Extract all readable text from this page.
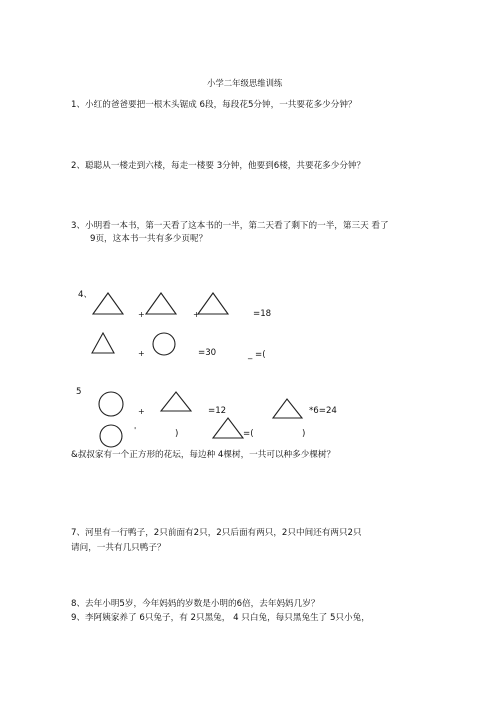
小学二年级思维训练
1、小红的爸爸要把一根木头锯成 6段，每段花5分钟，一共要花多少分钟？
2、聪聪从一楼走到六楼，每走一楼要 3分钟，他要到6楼，共要花多少分钟？
3、小明看一本书，第一天看了这本书的一半，第二天看了剩下的一半，第三天 看了
9页，这本书一共有多少页呢？
4、
+	+	=18
+	=30	_ =(
5
+	=12	*6=24
'	)	=(	)
&叔叔家有一个正方形的花坛，每边种 4棵树，一共可以种多少棵树？
7、河里有一行鸭子，2只前面有2只，2只后面有两只，2只中间还有两只2只
请问，一共有几只鸭子？
8、去年小明5岁，今年妈妈的岁数是小明的6倍，去年妈妈几岁？
9、李阿姨家养了 6只兔子，有 2只黑兔， 4 只白兔，每只黑兔生了 5只小兔，
